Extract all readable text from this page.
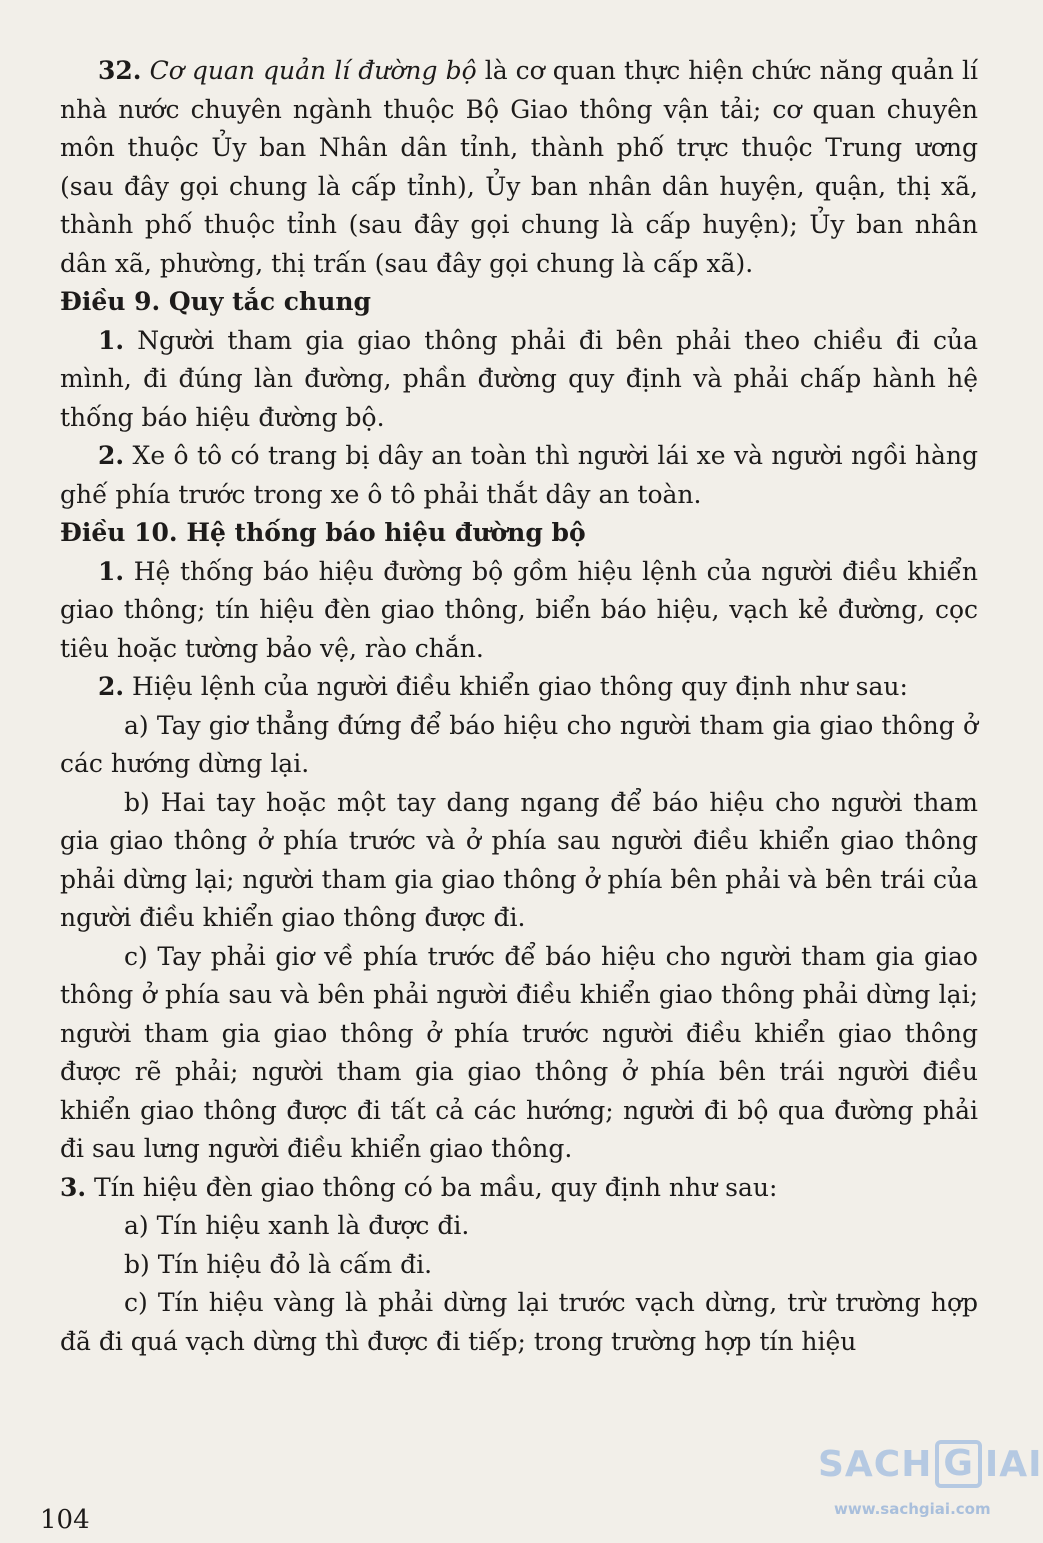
32. Cơ quan quản lí đường bộ là cơ quan thực hiện chức năng quản lí nhà nước chuyên ngành thuộc Bộ Giao thông vận tải; cơ quan chuyên môn thuộc Ủy ban Nhân dân tỉnh, thành phố trực thuộc Trung ương (sau đây gọi chung là cấp tỉnh), Ủy ban nhân dân huyện, quận, thị xã, thành phố thuộc tỉnh (sau đây gọi chung là cấp huyện); Ủy ban nhân dân xã, phường, thị trấn (sau đây gọi chung là cấp xã).

Điều 9. Quy tắc chung

1. Người tham gia giao thông phải đi bên phải theo chiều đi của mình, đi đúng làn đường, phần đường quy định và phải chấp hành hệ thống báo hiệu đường bộ.

2. Xe ô tô có trang bị dây an toàn thì người lái xe và người ngồi hàng ghế phía trước trong xe ô tô phải thắt dây an toàn.

Điều 10. Hệ thống báo hiệu đường bộ

1. Hệ thống báo hiệu đường bộ gồm hiệu lệnh của người điều khiển giao thông; tín hiệu đèn giao thông, biển báo hiệu, vạch kẻ đường, cọc tiêu hoặc tường bảo vệ, rào chắn.

2. Hiệu lệnh của người điều khiển giao thông quy định như sau:

a) Tay giơ thẳng đứng để báo hiệu cho người tham gia giao thông ở các hướng dừng lại.

b) Hai tay hoặc một tay dang ngang để báo hiệu cho người tham gia giao thông ở phía trước và ở phía sau người điều khiển giao thông phải dừng lại; người tham gia giao thông ở phía bên phải và bên trái của người điều khiển giao thông được đi.

c) Tay phải giơ về phía trước để báo hiệu cho người tham gia giao thông ở phía sau và bên phải người điều khiển giao thông phải dừng lại; người tham gia giao thông ở phía trước người điều khiển giao thông được rẽ phải; người tham gia giao thông ở phía bên trái người điều khiển giao thông được đi tất cả các hướng; người đi bộ qua đường phải đi sau lưng người điều khiển giao thông.

3. Tín hiệu đèn giao thông có ba mầu, quy định như sau:

a) Tín hiệu xanh là được đi.

b) Tín hiệu đỏ là cấm đi.

c) Tín hiệu vàng là phải dừng lại trước vạch dừng, trừ trường hợp đã đi quá vạch dừng thì được đi tiếp; trong trường hợp tín hiệu

104
SACH G IAI
www.sachgiai.com
